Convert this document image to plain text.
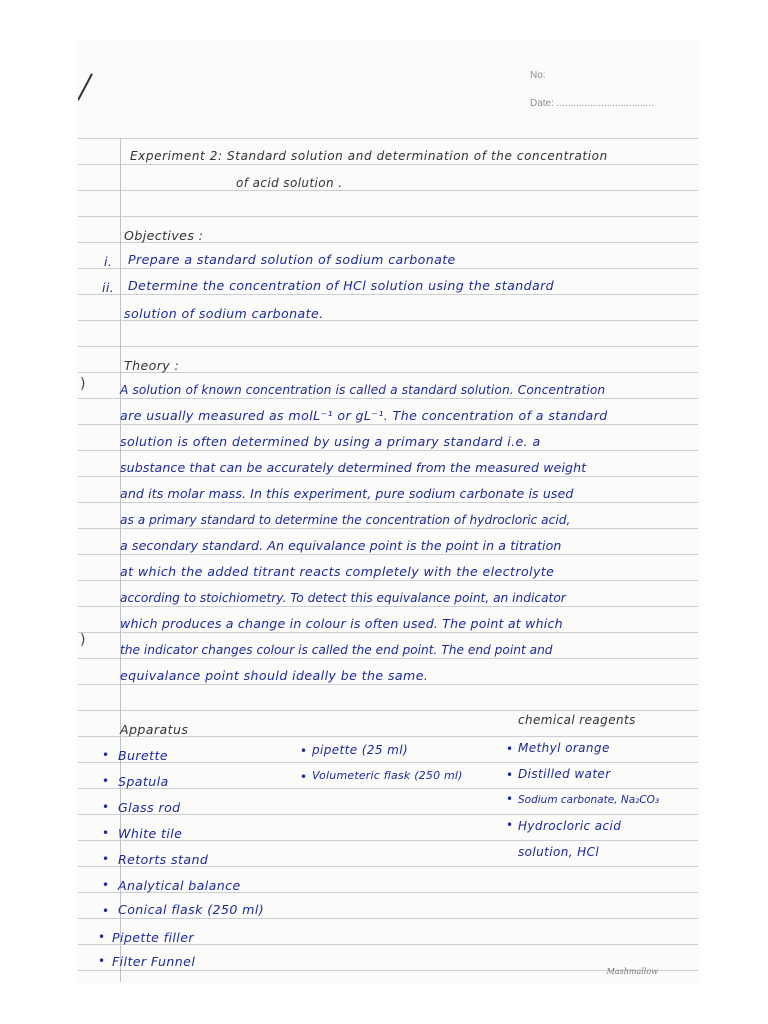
No:
Date: ...................................
Experiment 2: Standard solution and determination of the concentration
of acid solution .
Objectives :
i. Prepare a standard solution of sodium carbonate
ii. Determine the concentration of HCl solution using the standard
solution of sodium carbonate.
Theory :
)	A solution of known concentration is called a standard solution. Concentration
are usually measured as molL⁻¹ or gL⁻¹. The concentration of a standard
solution is often determined by using a primary standard i.e. a
substance that can be accurately determined from the measured weight
and its molar mass. In this experiment, pure sodium carbonate is used
as a primary standard to determine the concentration of hydrocloric acid,
a secondary standard. An equivalance point is the point in a titration
at which the added titrant reacts completely with the electrolyte
according to stoichiometry. To detect this equivalance point, an indicator
)
which produces a change in colour is often used. The point at which
the indicator changes colour is called the end point. The end point and
equivalance point should ideally be the same.
Apparatus
chemical reagents
• Burette
• Spatula
• Glass rod
• White tile
• Retorts stand
• Analytical balance
• Conical flask (250 ml)
• Pipette filler
• Filter Funnel
• pipette (25 ml)
• Volumeteric flask (250 ml)
• Methyl orange
• Distilled water
• Sodium carbonate, Na₂CO₃
• Hydrocloric acid
solution, HCl
Mashmallow
